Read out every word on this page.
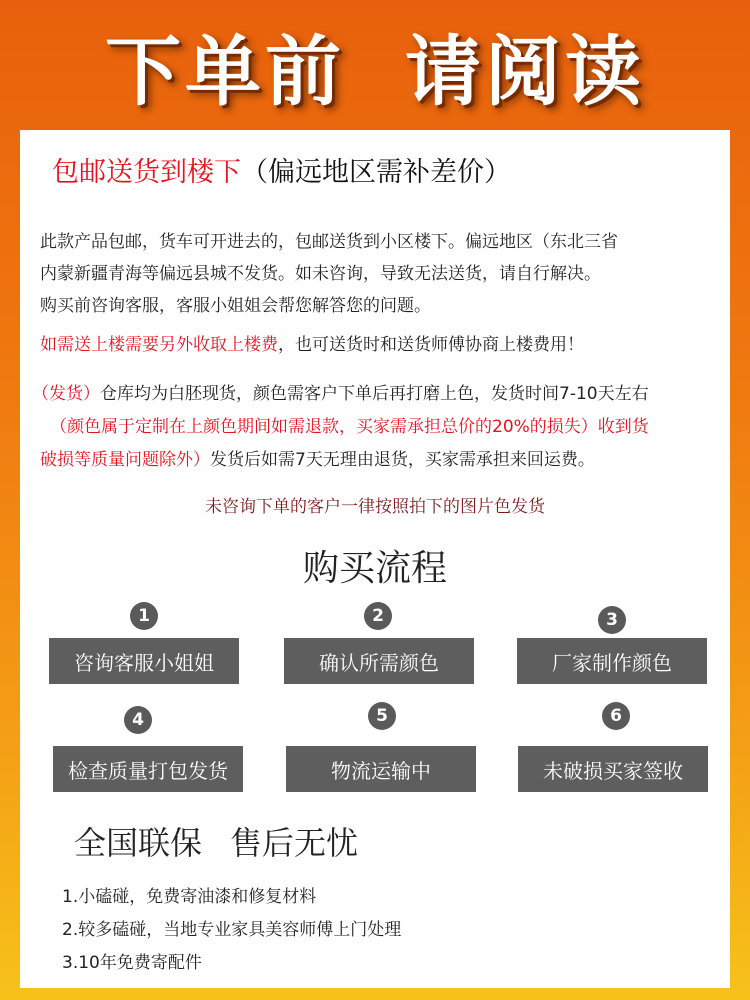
下单前 请阅读
包邮送货到楼下（偏远地区需补差价）
此款产品包邮，货车可开进去的，包邮送货到小区楼下。偏远地区（东北三省
内蒙新疆青海等偏远县城不发货。如未咨询，导致无法送货，请自行解决。
购买前咨询客服，客服小姐姐会帮您解答您的问题。
如需送上楼需要另外收取上楼费，也可送货时和送货师傅协商上楼费用！
（发货）仓库均为白胚现货，颜色需客户下单后再打磨上色，发货时间7-10天左右
（颜色属于定制在上颜色期间如需退款，买家需承担总价的20%的损失）收到货
破损等质量问题除外）发货后如需7天无理由退货，买家需承担来回运费。
未咨询下单的客户一律按照拍下的图片色发货
购买流程
1	2	3
咨询客服小姐姐	确认所需颜色	厂家制作颜色
4	5	6
检查质量打包发货	物流运输中	未破损买家签收
全国联保 售后无忧
1.小磕碰，免费寄油漆和修复材料
2.较多磕碰，当地专业家具美容师傅上门处理
3.10年免费寄配件
